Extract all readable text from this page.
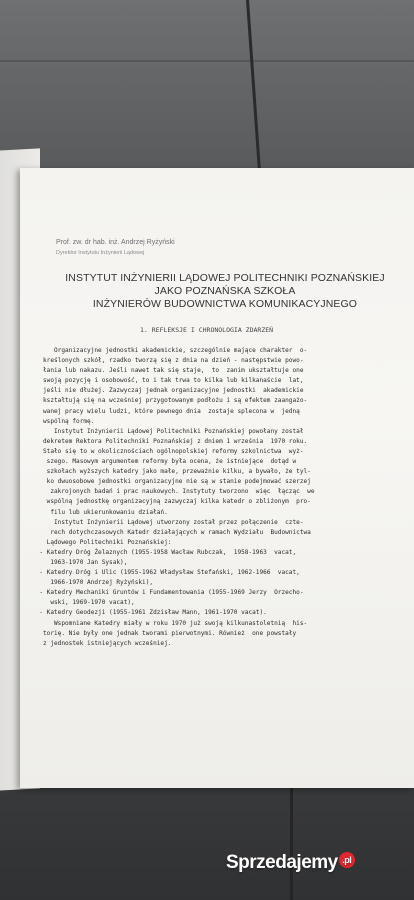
Prof. zw. dr hab. inż. Andrzej Ryżyński
Dyrektor Instytutu Inżynierii Lądowej
INSTYTUT INŻYNIERII LĄDOWEJ POLITECHNIKI POZNAŃSKIEJ
JAKO POZNAŃSKA SZKOŁA
INŻYNIERÓW BUDOWNICTWA KOMUNIKACYJNEGO
1. REFLEKSJE I CHRONOLOGIA ZDARZEŃ
Organizacyjne jednostki akademickie, szczególnie mające charakter  o-
kreślonych szkół, rzadko tworzą się z dnia na dzień - następstwie powo-
łania lub nakazu. Jeśli nawet tak się staje,  to  zanim ukształtuje one
swoją pozycję i osobowość, to i tak trwa to kilka lub kilkanaście  lat,
jeśli nie dłużej. Zazwyczaj jednak organizacyjne jednostki  akademickie
kształtują się na wcześniej przygotowanym podłożu i są efektem zaangażo-
wanej pracy wielu ludzi, które pewnego dnia  zostaje splecona w  jedną
wspólną formę.
Instytut Inżynierii Lądowej Politechniki Poznańskiej powołany został
dekretem Rektora Politechniki Poznańskiej z dniem 1 września  1970 roku.
Stało się to w okolicznościach ogólnopolskiej reformy szkolnictwa  wyż-
szego. Masowym argumentem reformy była ocena, że istniejące  dotąd w
szkołach wyższych katedry jako małe, przeważnie kilku, a bywało, że tyl-
ko dwuosobowe jednostki organizacyjne nie są w stanie podejmować szerzej
zakrojonych badań i prac naukowych. Instytuty tworzono  więc  łącząc  we
wspólną jednostkę organizacyjną zazwyczaj kilka katedr o zbliżonym  pro-
filu lub ukierunkowaniu działań.
Instytut Inżynierii Lądowej utworzony został przez połączenie  czte-
rech dotychczasowych Katedr działających w ramach Wydziału  Budownictwa
Lądowego Politechniki Poznańskiej:
- Katedry Dróg Żelaznych (1955-1958 Wacław Rubczak,  1958-1963  vacat,
1963-1970 Jan Sysak),
- Katedry Dróg i Ulic (1955-1962 Władysław Stefański, 1962-1966  vacat,
1966-1970 Andrzej Ryżyński),
- Katedry Mechaniki Gruntów i Fundamentowania (1955-1969 Jerzy  Orzecho-
wski, 1969-1970 vacat),
- Katedry Geodezji (1955-1961 Zdzisław Mann, 1961-1970 vacat).
Wspomniane Katedry miały w roku 1970 już swoją kilkunastoletnią  his-
torię. Nie były one jednak tworami pierwotnymi. Również  one powstały
z jednostek istniejących wcześniej.
Sprzedajemy .pl
